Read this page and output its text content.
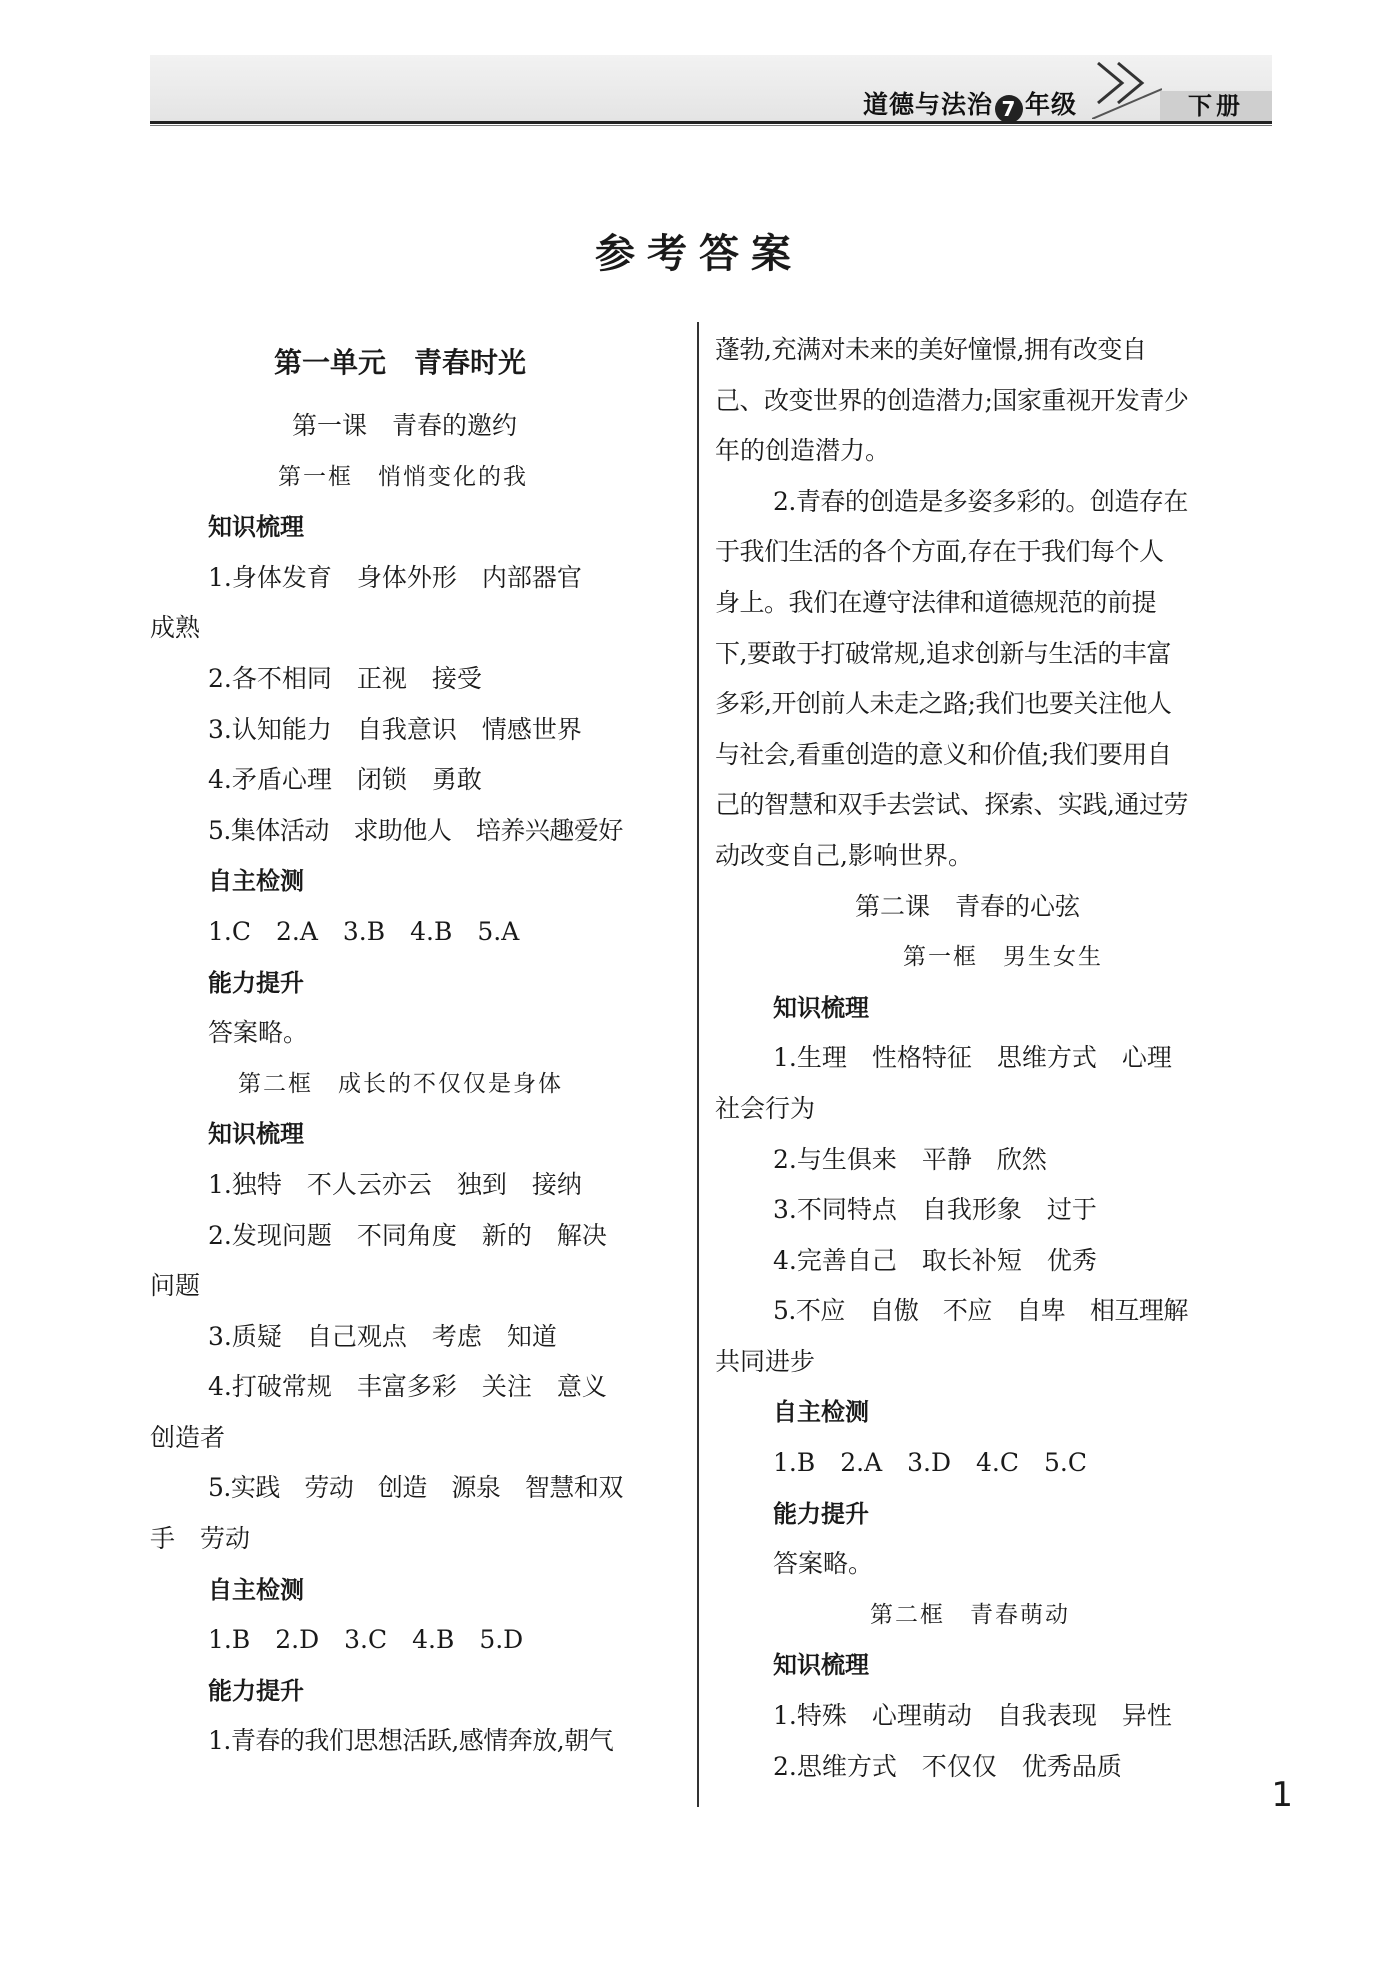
道德与法治 7 年级	下册
参考答案
第一单元　青春时光
第一课　青春的邀约
第一框　悄悄变化的我
知识梳理
1.身体发育　身体外形　内部器官
成熟
2.各不相同　正视　接受
3.认知能力　自我意识　情感世界
4.矛盾心理　闭锁　勇敢
5.集体活动　求助他人　培养兴趣爱好
自主检测
1.C　2.A　3.B　4.B　5.A
能力提升
答案略。
第二框　成长的不仅仅是身体
知识梳理
1.独特　不人云亦云　独到　接纳
2.发现问题　不同角度　新的　解决
问题
3.质疑　自己观点　考虑　知道
4.打破常规　丰富多彩　关注　意义
创造者
5.实践　劳动　创造　源泉　智慧和双
手　劳动
自主检测
1.B　2.D　3.C　4.B　5.D
能力提升
1.青春的我们思想活跃,感情奔放,朝气
蓬勃,充满对未来的美好憧憬,拥有改变自
己、改变世界的创造潜力;国家重视开发青少
年的创造潜力。
2.青春的创造是多姿多彩的。创造存在
于我们生活的各个方面,存在于我们每个人
身上。我们在遵守法律和道德规范的前提
下,要敢于打破常规,追求创新与生活的丰富
多彩,开创前人未走之路;我们也要关注他人
与社会,看重创造的意义和价值;我们要用自
己的智慧和双手去尝试、探索、实践,通过劳
动改变自己,影响世界。
第二课　青春的心弦
第一框　男生女生
知识梳理
1.生理　性格特征　思维方式　心理
社会行为
2.与生俱来　平静　欣然
3.不同特点　自我形象　过于
4.完善自己　取长补短　优秀
5.不应　自傲　不应　自卑　相互理解
共同进步
自主检测
1.B　2.A　3.D　4.C　5.C
能力提升
答案略。
第二框　青春萌动
知识梳理
1.特殊　心理萌动　自我表现　异性
2.思维方式　不仅仅　优秀品质
1
